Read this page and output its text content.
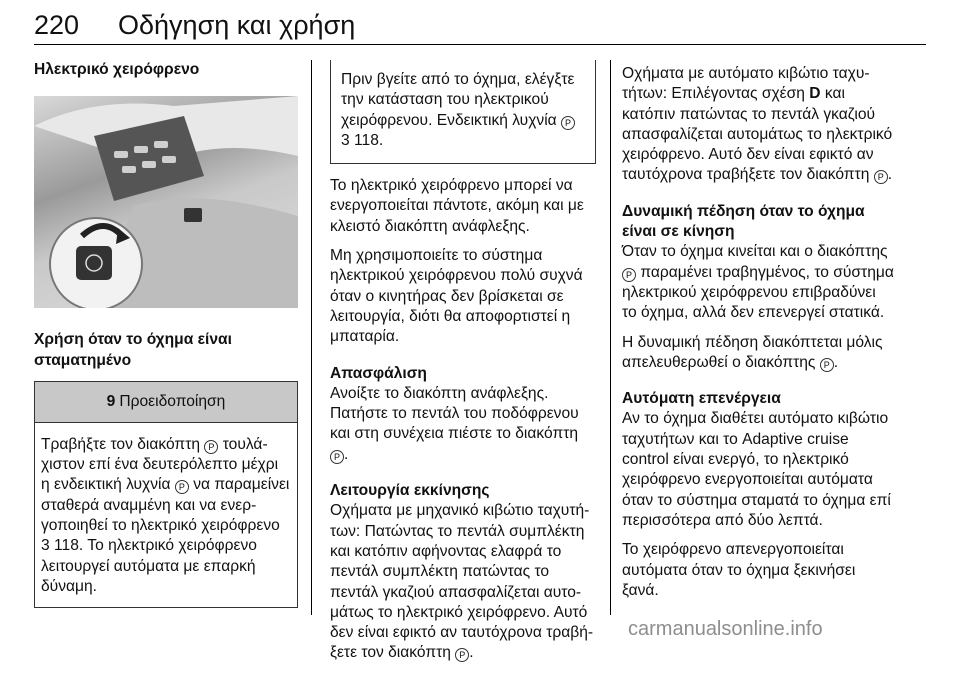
220 Οδήγηση και χρήση
Ηλεκτρικό χειρόφρενο
Χρήση όταν το όχημα είναι σταματημένο
9 Προειδοποίηση
Τραβήξτε τον διακόπτη P τουλάχιστον επί ένα δευτερόλεπτο μέχρι η ενδεικτική λυχνία P να παραμείνει σταθερά αναμμένη και να ενεργοποιηθεί το ηλεκτρικό χειρόφρενο 3 118. Το ηλεκτρικό χειρόφρενο λειτουργεί αυτόματα με επαρκή δύναμη.
Πριν βγείτε από το όχημα, ελέγξτε την κατάσταση του ηλεκτρικού χειρόφρενου. Ενδεικτική λυχνία P 3 118.

Το ηλεκτρικό χειρόφρενο μπορεί να ενεργοποιείται πάντοτε, ακόμη και με κλειστό διακόπτη ανάφλεξης.

Μη χρησιμοποιείτε το σύστημα ηλεκτρικού χειρόφρενου πολύ συχνά όταν ο κινητήρας δεν βρίσκεται σε λειτουργία, διότι θα αποφορτιστεί η μπαταρία.

Απασφάλιση

Ανοίξτε το διακόπτη ανάφλεξης. Πατήστε το πεντάλ του ποδόφρενου και στη συνέχεια πιέστε το διακόπτη P .

Λειτουργία εκκίνησης

Οχήματα με μηχανικό κιβώτιο ταχυτήτων: Πατώντας το πεντάλ συμπλέκτη και κατόπιν αφήνοντας ελαφρά το πεντάλ συμπλέκτη πατώντας το πεντάλ γκαζιού απασφαλίζεται αυτομάτως το ηλεκτρικό χειρόφρενο. Αυτό δεν είναι εφικτό αν ταυτόχρονα τραβήξετε τον διακόπτη P .

Οχήματα με αυτόματο κιβώτιο ταχυτήτων: Επιλέγοντας σχέση D και κατόπιν πατώντας το πεντάλ γκαζιού απασφαλίζεται αυτομάτως το ηλεκτρικό χειρόφρενο. Αυτό δεν είναι εφικτό αν ταυτόχρονα τραβήξετε τον διακόπτη P .

Δυναμική πέδηση όταν το όχημα είναι σε κίνηση

Όταν το όχημα κινείται και ο διακόπτης P παραμένει τραβηγμένος, το σύστημα ηλεκτρικού χειρόφρενου επιβραδύνει το όχημα, αλλά δεν επενεργεί στατικά.

Η δυναμική πέδηση διακόπτεται μόλις απελευθερωθεί ο διακόπτης P .

Αυτόματη επενέργεια

Αν το όχημα διαθέτει αυτόματο κιβώτιο ταχυτήτων και το Adaptive cruise control είναι ενεργό, το ηλεκτρικό χειρόφρενο ενεργοποιείται αυτόματα όταν το σύστημα σταματά το όχημα επί περισσότερα από δύο λεπτά.

Το χειρόφρενο απενεργοποιείται αυτόματα όταν το όχημα ξεκινήσει ξανά.

carmanualsonline.info
